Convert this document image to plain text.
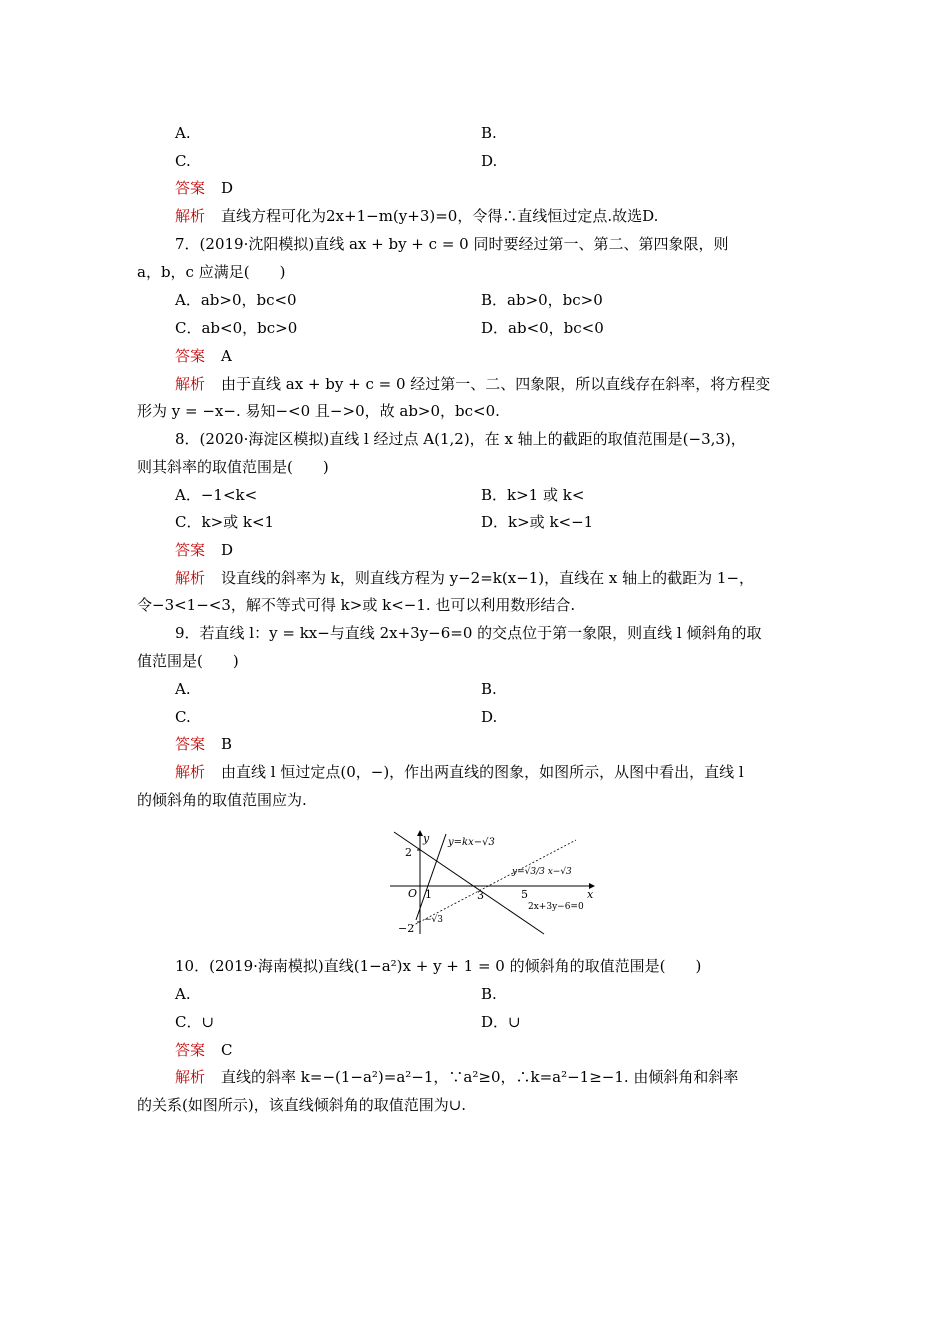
A.	B.
C.	D.
答案 D
解析 直线方程可化为2x+1−m(y+3)=0，令得∴直线恒过定点.故选D.
7．(2019·沈阳模拟)直线 ax + by + c = 0 同时要经过第一、第二、第四象限，则
a，b，c 应满足(　　)
A．ab>0，bc<0	B．ab>0，bc>0
C．ab<0，bc>0	D．ab<0，bc<0
答案 A
解析 由于直线 ax + by + c = 0 经过第一、二、四象限，所以直线存在斜率，将方程变
形为 y = −x−. 易知−<0 且−>0，故 ab>0，bc<0.
8．(2020·海淀区模拟)直线 l 经过点 A(1,2)，在 x 轴上的截距的取值范围是(−3,3)，
则其斜率的取值范围是(　　)
A．−1<k<	B．k>1 或 k<
C．k>或 k<1	D．k>或 k<−1
答案 D
解析 设直线的斜率为 k，则直线方程为 y−2=k(x−1)，直线在 x 轴上的截距为 1−，
令−3<1−<3，解不等式可得 k>或 k<−1. 也可以利用数形结合.
9．若直线 l：y = kx−与直线 2x+3y−6=0 的交点位于第一象限，则直线 l 倾斜角的取
值范围是(　　)
A.	B.
C.	D.
答案 B
解析 由直线 l 恒过定点(0，−)，作出两直线的图象，如图所示，从图中看出，直线 l
的倾斜角的取值范围应为.
y
x
O
2
−2
1	3	5
y=kx−√3
y=√3/3 x−√3
2x+3y−6=0
−√3
10．(2019·海南模拟)直线(1−a²)x + y + 1 = 0 的倾斜角的取值范围是(　　)
A.	B.
C．∪	D．∪
答案 C
解析 直线的斜率 k=−(1−a²)=a²−1，∵a²≥0，∴k=a²−1≥−1. 由倾斜角和斜率
的关系(如图所示)，该直线倾斜角的取值范围为∪.
